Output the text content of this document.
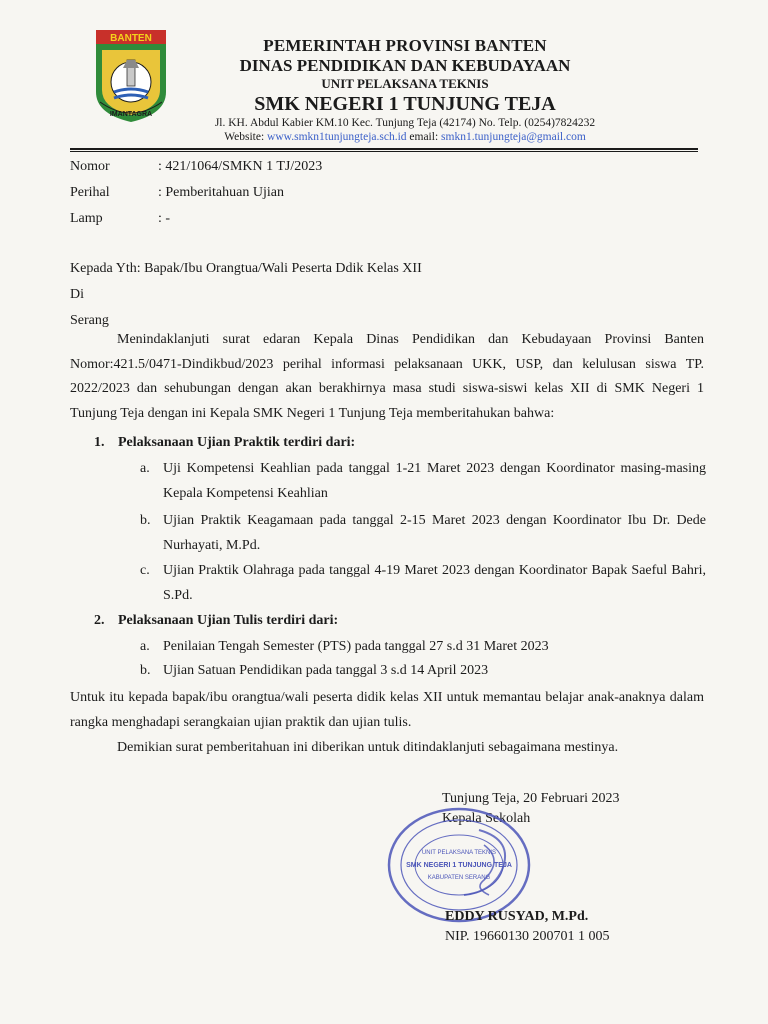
BANTEN
IMANTAGRA
PEMERINTAH PROVINSI BANTEN
DINAS PENDIDIKAN DAN KEBUDAYAAN
UNIT PELAKSANA TEKNIS
SMK NEGERI 1 TUNJUNG TEJA
Jl. KH. Abdul Kabier KM.10 Kec. Tunjung Teja (42174) No. Telp. (0254)7824232
Website: www.smkn1tunjungteja.sch.id email: smkn1.tunjungteja@gmail.com
Nomor	: 421/1064/SMKN 1 TJ/2023
Perihal	: Pemberitahuan Ujian
Lamp	: -
Kepada Yth: Bapak/Ibu Orangtua/Wali Peserta Ddik Kelas XII
Di
Serang

Menindaklanjuti surat edaran Kepala Dinas Pendidikan dan Kebudayaan Provinsi Banten Nomor:421.5/0471-Dindikbud/2023 perihal informasi pelaksanaan UKK, USP, dan kelulusan siswa TP. 2022/2023 dan sehubungan dengan akan berakhirnya masa studi siswa-siswi kelas XII di SMK Negeri 1 Tunjung Teja dengan ini Kepala SMK Negeri 1 Tunjung Teja memberitahukan bahwa:

1. Pelaksanaan Ujian Praktik terdiri dari:
a. Uji Kompetensi Keahlian pada tanggal 1-21 Maret 2023 dengan Koordinator masing-masing Kepala Kompetensi Keahlian
b. Ujian Praktik Keagamaan pada tanggal 2-15 Maret 2023 dengan Koordinator Ibu Dr. Dede Nurhayati, M.Pd.
c. Ujian Praktik Olahraga pada tanggal 4-19 Maret 2023 dengan Koordinator Bapak Saeful Bahri, S.Pd.
2. Pelaksanaan Ujian Tulis terdiri dari:
a. Penilaian Tengah Semester (PTS) pada tanggal 27 s.d 31 Maret 2023
b. Ujian Satuan Pendidikan pada tanggal 3 s.d 14 April 2023

Untuk itu kepada bapak/ibu orangtua/wali peserta didik kelas XII untuk memantau belajar anak-anaknya dalam rangka menghadapi serangkaian ujian praktik dan ujian tulis.

Demikian surat pemberitahuan ini diberikan untuk ditindaklanjuti sebagaimana mestinya.

Tunjung Teja, 20 Februari 2023
Kepala Sekolah
UNIT PELAKSANA TEKNIS
SMK NEGERI 1 TUNJUNG TEJA
KABUPATEN SERANG
EDDY RUSYAD, M.Pd.
NIP. 19660130 200701 1 005
